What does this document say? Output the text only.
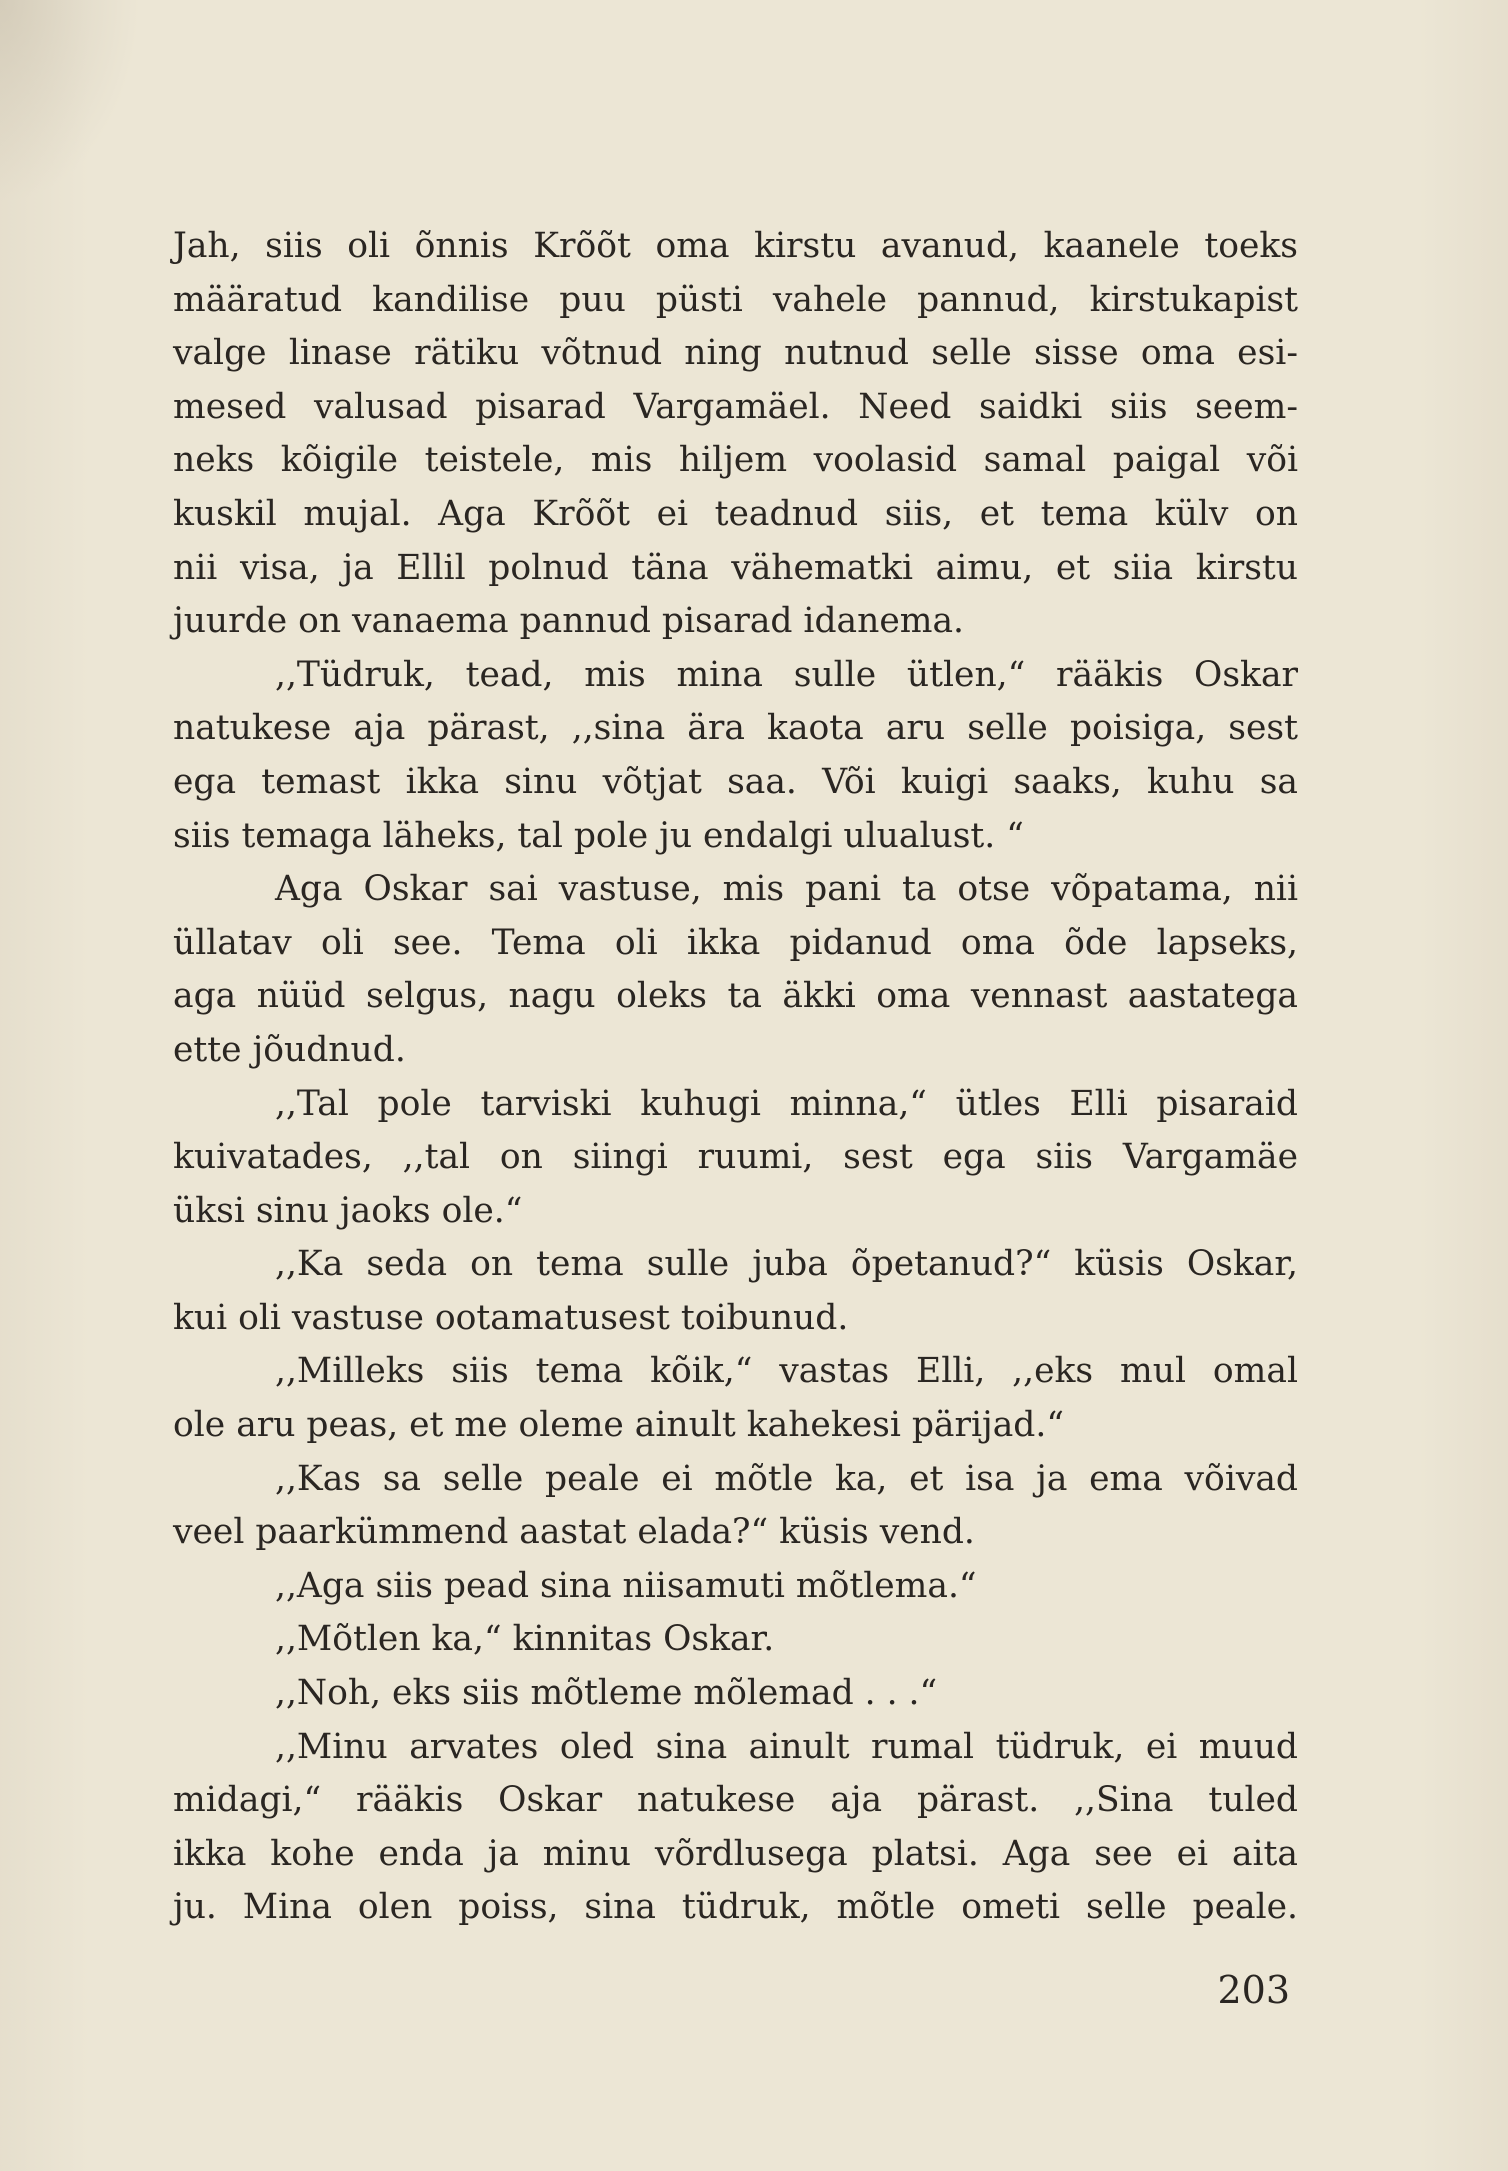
Jah, siis oli õnnis Krõõt oma kirstu avanud, kaanele toeks
määratud kandilise puu püsti vahele pannud, kirstukapist
valge linase rätiku võtnud ning nutnud selle sisse oma esi-
mesed valusad pisarad Vargamäel. Need saidki siis seem-
neks kõigile teistele, mis hiljem voolasid samal paigal või
kuskil mujal. Aga Krõõt ei teadnud siis, et tema külv on
nii visa, ja Ellil polnud täna vähematki aimu, et siia kirstu
juurde on vanaema pannud pisarad idanema.
,,Tüdruk, tead, mis mina sulle ütlen,“ rääkis Oskar
natukese aja pärast, ,,sina ära kaota aru selle poisiga, sest
ega temast ikka sinu võtjat saa. Või kuigi saaks, kuhu sa
siis temaga läheks, tal pole ju endalgi ulualust. “
Aga Oskar sai vastuse, mis pani ta otse võpatama, nii
üllatav oli see. Tema oli ikka pidanud oma õde lapseks,
aga nüüd selgus, nagu oleks ta äkki oma vennast aastatega
ette jõudnud.
,,Tal pole tarviski kuhugi minna,“ ütles Elli pisaraid
kuivatades, ,,tal on siingi ruumi, sest ega siis Vargamäe
üksi sinu jaoks ole.“
,,Ka seda on tema sulle juba õpetanud?“ küsis Oskar,
kui oli vastuse ootamatusest toibunud.
,,Milleks siis tema kõik,“ vastas Elli, ,,eks mul omal
ole aru peas, et me oleme ainult kahekesi pärijad.“
,,Kas sa selle peale ei mõtle ka, et isa ja ema võivad
veel paarkümmend aastat elada?“ küsis vend.
,,Aga siis pead sina niisamuti mõtlema.“
,,Mõtlen ka,“ kinnitas Oskar.
,,Noh, eks siis mõtleme mõlemad . . .“
,,Minu arvates oled sina ainult rumal tüdruk, ei muud
midagi,“ rääkis Oskar natukese aja pärast. ,,Sina tuled
ikka kohe enda ja minu võrdlusega platsi. Aga see ei aita
ju. Mina olen poiss, sina tüdruk, mõtle ometi selle peale.
203
